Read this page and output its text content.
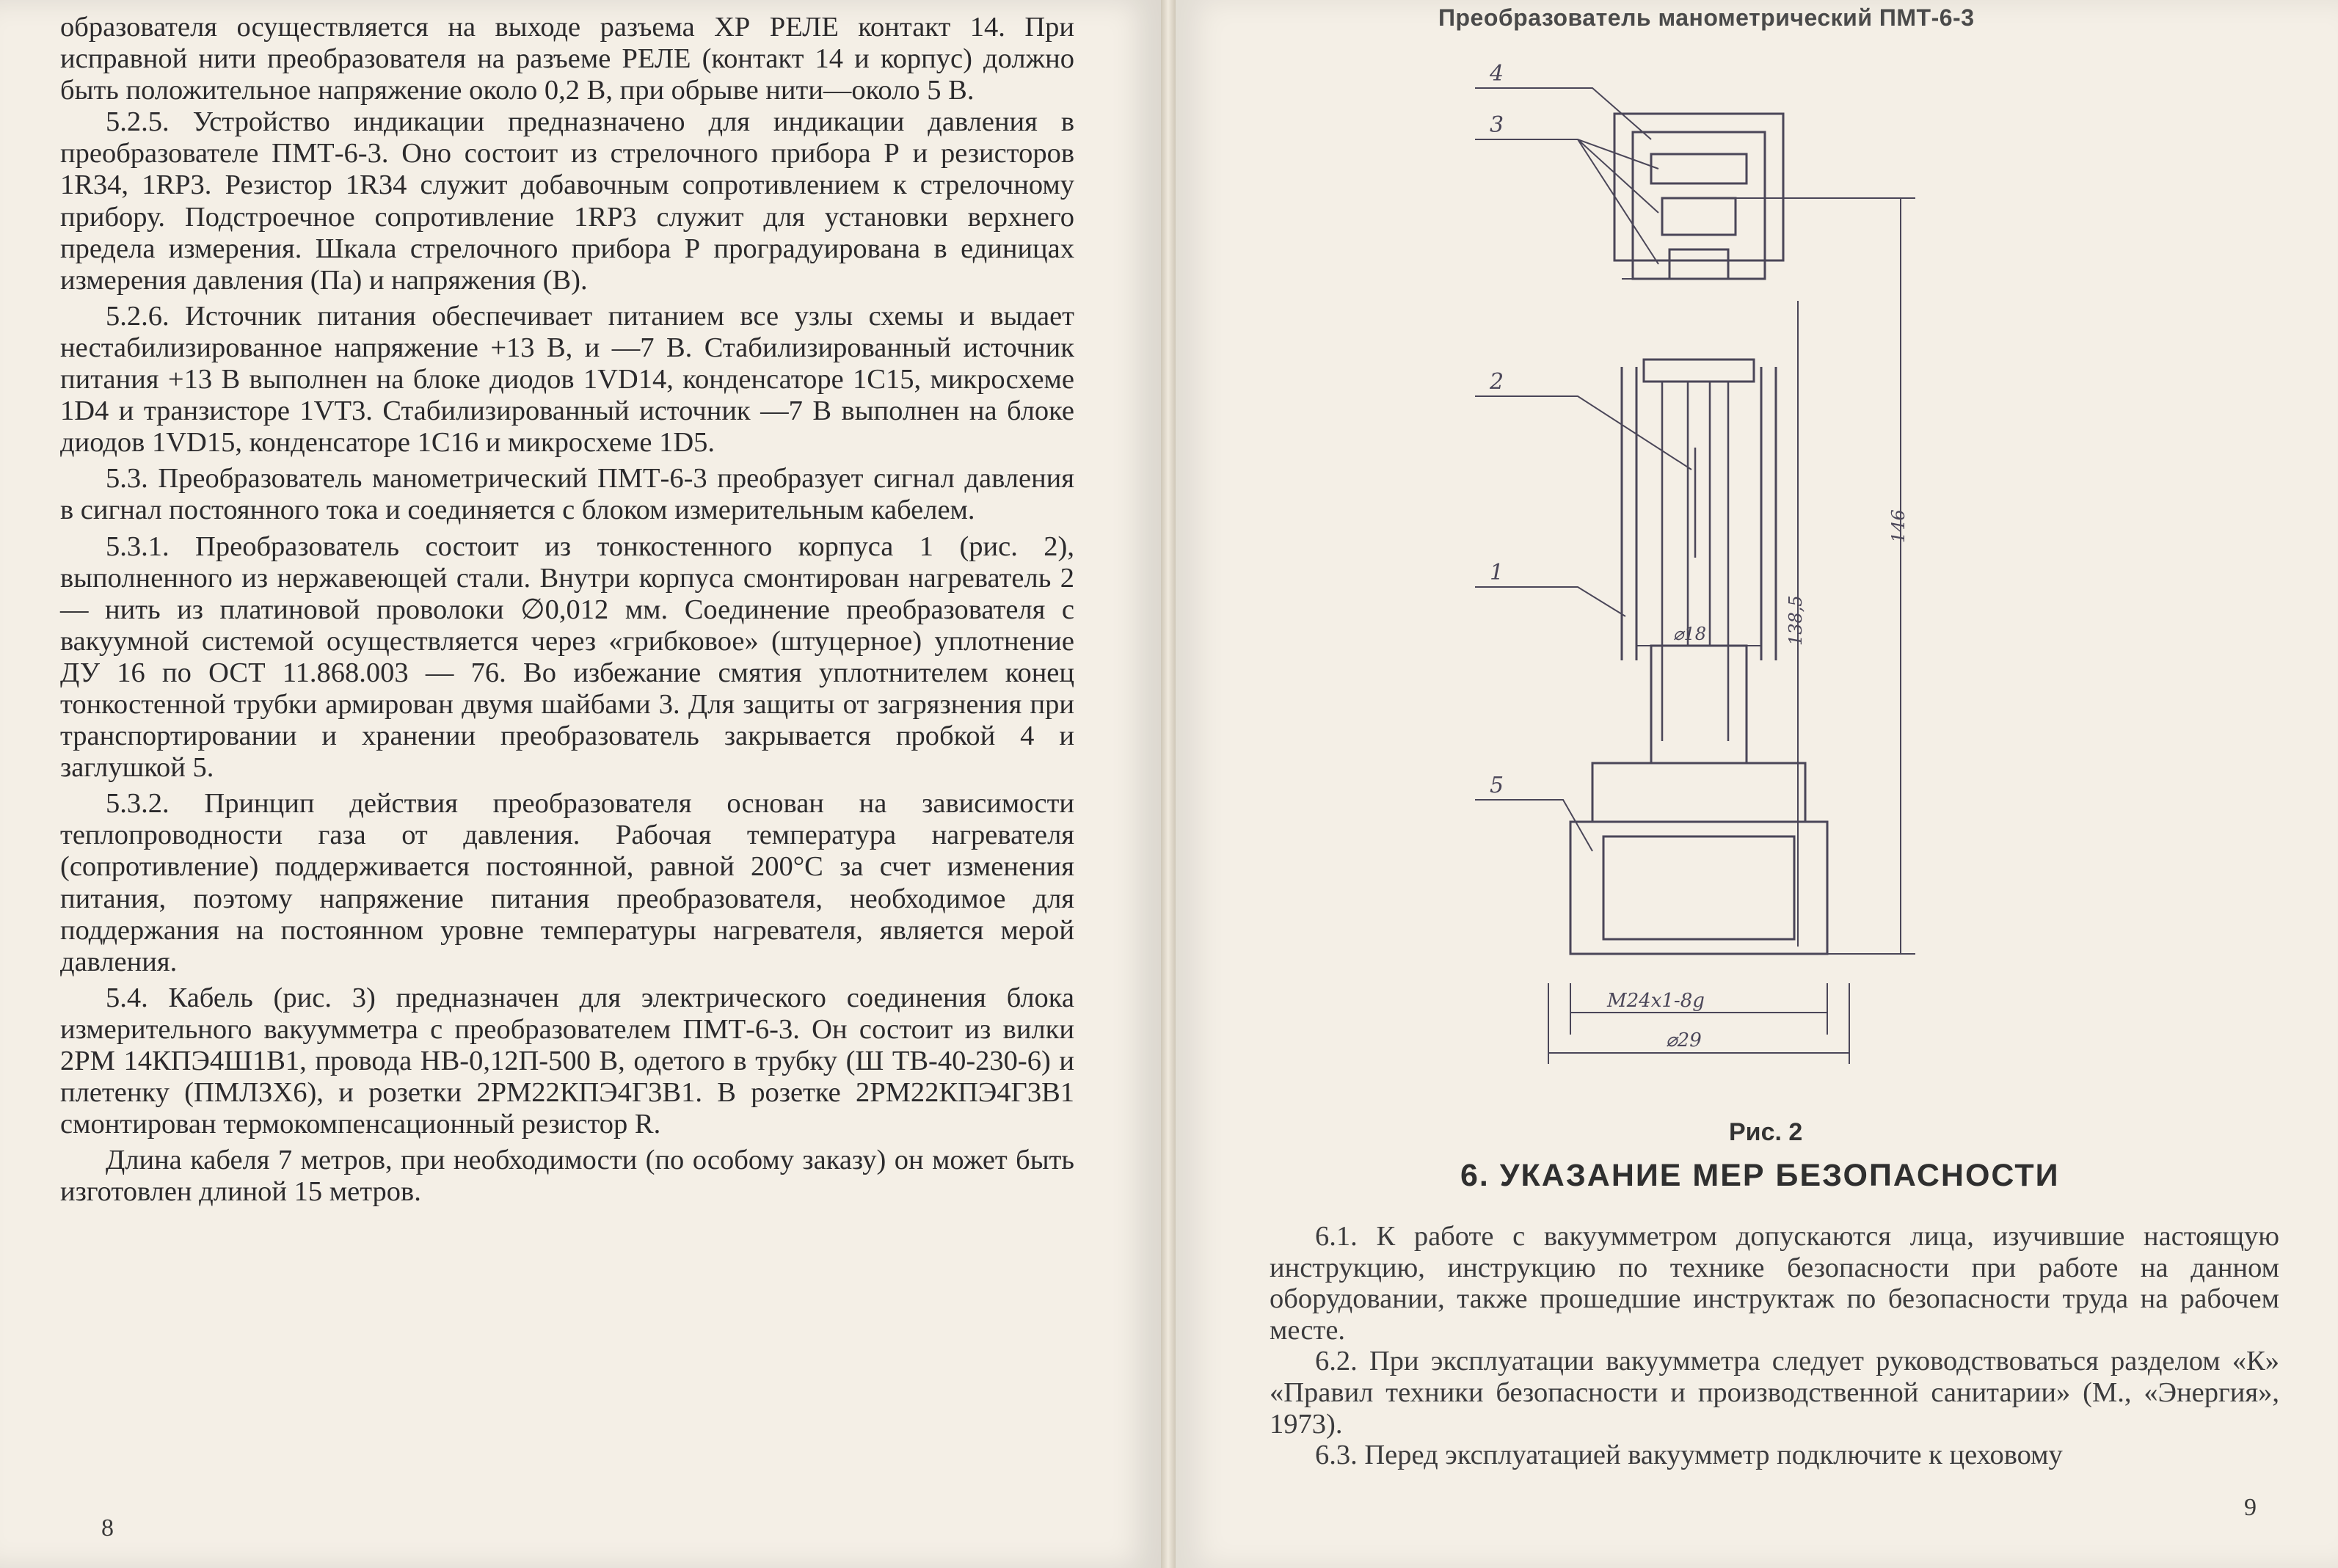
образователя осуществляется на выходе разъема ХР РЕЛЕ контакт 14. При исправной нити преобразователя на разъеме РЕЛЕ (контакт 14 и корпус) должно быть положительное напряжение около 0,2 В, при обрыве нити—около 5 В.

5.2.5. Устройство индикации предназначено для индикации давления в преобразователе ПМТ-6-3. Оно состоит из стрелочного прибора Р и резисторов 1R34, 1RP3. Резистор 1R34 служит добавочным сопротивлением к стрелочному прибору. Подстроечное сопротивление 1RP3 служит для установки верхнего предела измерения. Шкала стрелочного прибора Р проградуирована в единицах измерения давления (Па) и напряжения (В).

5.2.6. Источник питания обеспечивает питанием все узлы схемы и выдает нестабилизированное напряжение +13 В, и —7 В. Стабилизированный источник питания +13 В выполнен на блоке диодов 1VD14, конденсаторе 1C15, микросхеме 1D4 и транзисторе 1VT3. Стабилизированный источник —7 В выполнен на блоке диодов 1VD15, конденсаторе 1C16 и микросхеме 1D5.

5.3. Преобразователь манометрический ПМТ-6-3 преобразует сигнал давления в сигнал постоянного тока и соединяется с блоком измерительным кабелем.

5.3.1. Преобразователь состоит из тонкостенного корпуса 1 (рис. 2), выполненного из нержавеющей стали. Внутри корпуса смонтирован нагреватель 2 — нить из платиновой проволоки ∅0,012 мм. Соединение преобразователя с вакуумной системой осуществляется через «грибковое» (штуцерное) уплотнение ДУ 16 по ОСТ 11.868.003 — 76. Во избежание смятия уплотнителем конец тонкостенной трубки армирован двумя шайбами 3. Для защиты от загрязнения при транспортировании и хранении преобразователь закрывается пробкой 4 и заглушкой 5.

5.3.2. Принцип действия преобразователя основан на зависимости теплопроводности газа от давления. Рабочая температура нагревателя (сопротивление) поддерживается постоянной, равной 200°С за счет изменения питания, поэтому напряжение питания преобразователя, необходимое для поддержания на постоянном уровне температуры нагревателя, является мерой давления.

5.4. Кабель (рис. 3) предназначен для электрического соединения блока измерительного вакуумметра с преобразователем ПМТ-6-3. Он состоит из вилки 2РМ 14КПЭ4Ш1В1, провода НВ-0,12П-500 В, одетого в трубку (Ш ТВ-40-230-6) и плетенку (ПМЛЗХ6), и розетки 2РМ22КПЭ4Г3В1. В розетке 2РМ22КПЭ4Г3В1 смонтирован термокомпенсационный резистор R.

Длина кабеля 7 метров, при необходимости (по особому заказу) он может быть изготовлен длиной 15 метров.

8
Преобразователь манометрический ПМТ-6-3
4
3
2
1
5
138,5
146
⌀18
M24x1-8g
⌀29
Рис. 2
6. УКАЗАНИЕ МЕР БЕЗОПАСНОСТИ

6.1. К работе с вакуумметром допускаются лица, изучившие настоящую инструкцию, инструкцию по технике безопасности при работе на данном оборудовании, также прошедшие инструктаж по безопасности труда на рабочем месте.

6.2. При эксплуатации вакуумметра следует руководствоваться разделом «К» «Правил техники безопасности и производственной санитарии» (М., «Энергия», 1973).

6.3. Перед эксплуатацией вакуумметр подключите к цеховому

9
